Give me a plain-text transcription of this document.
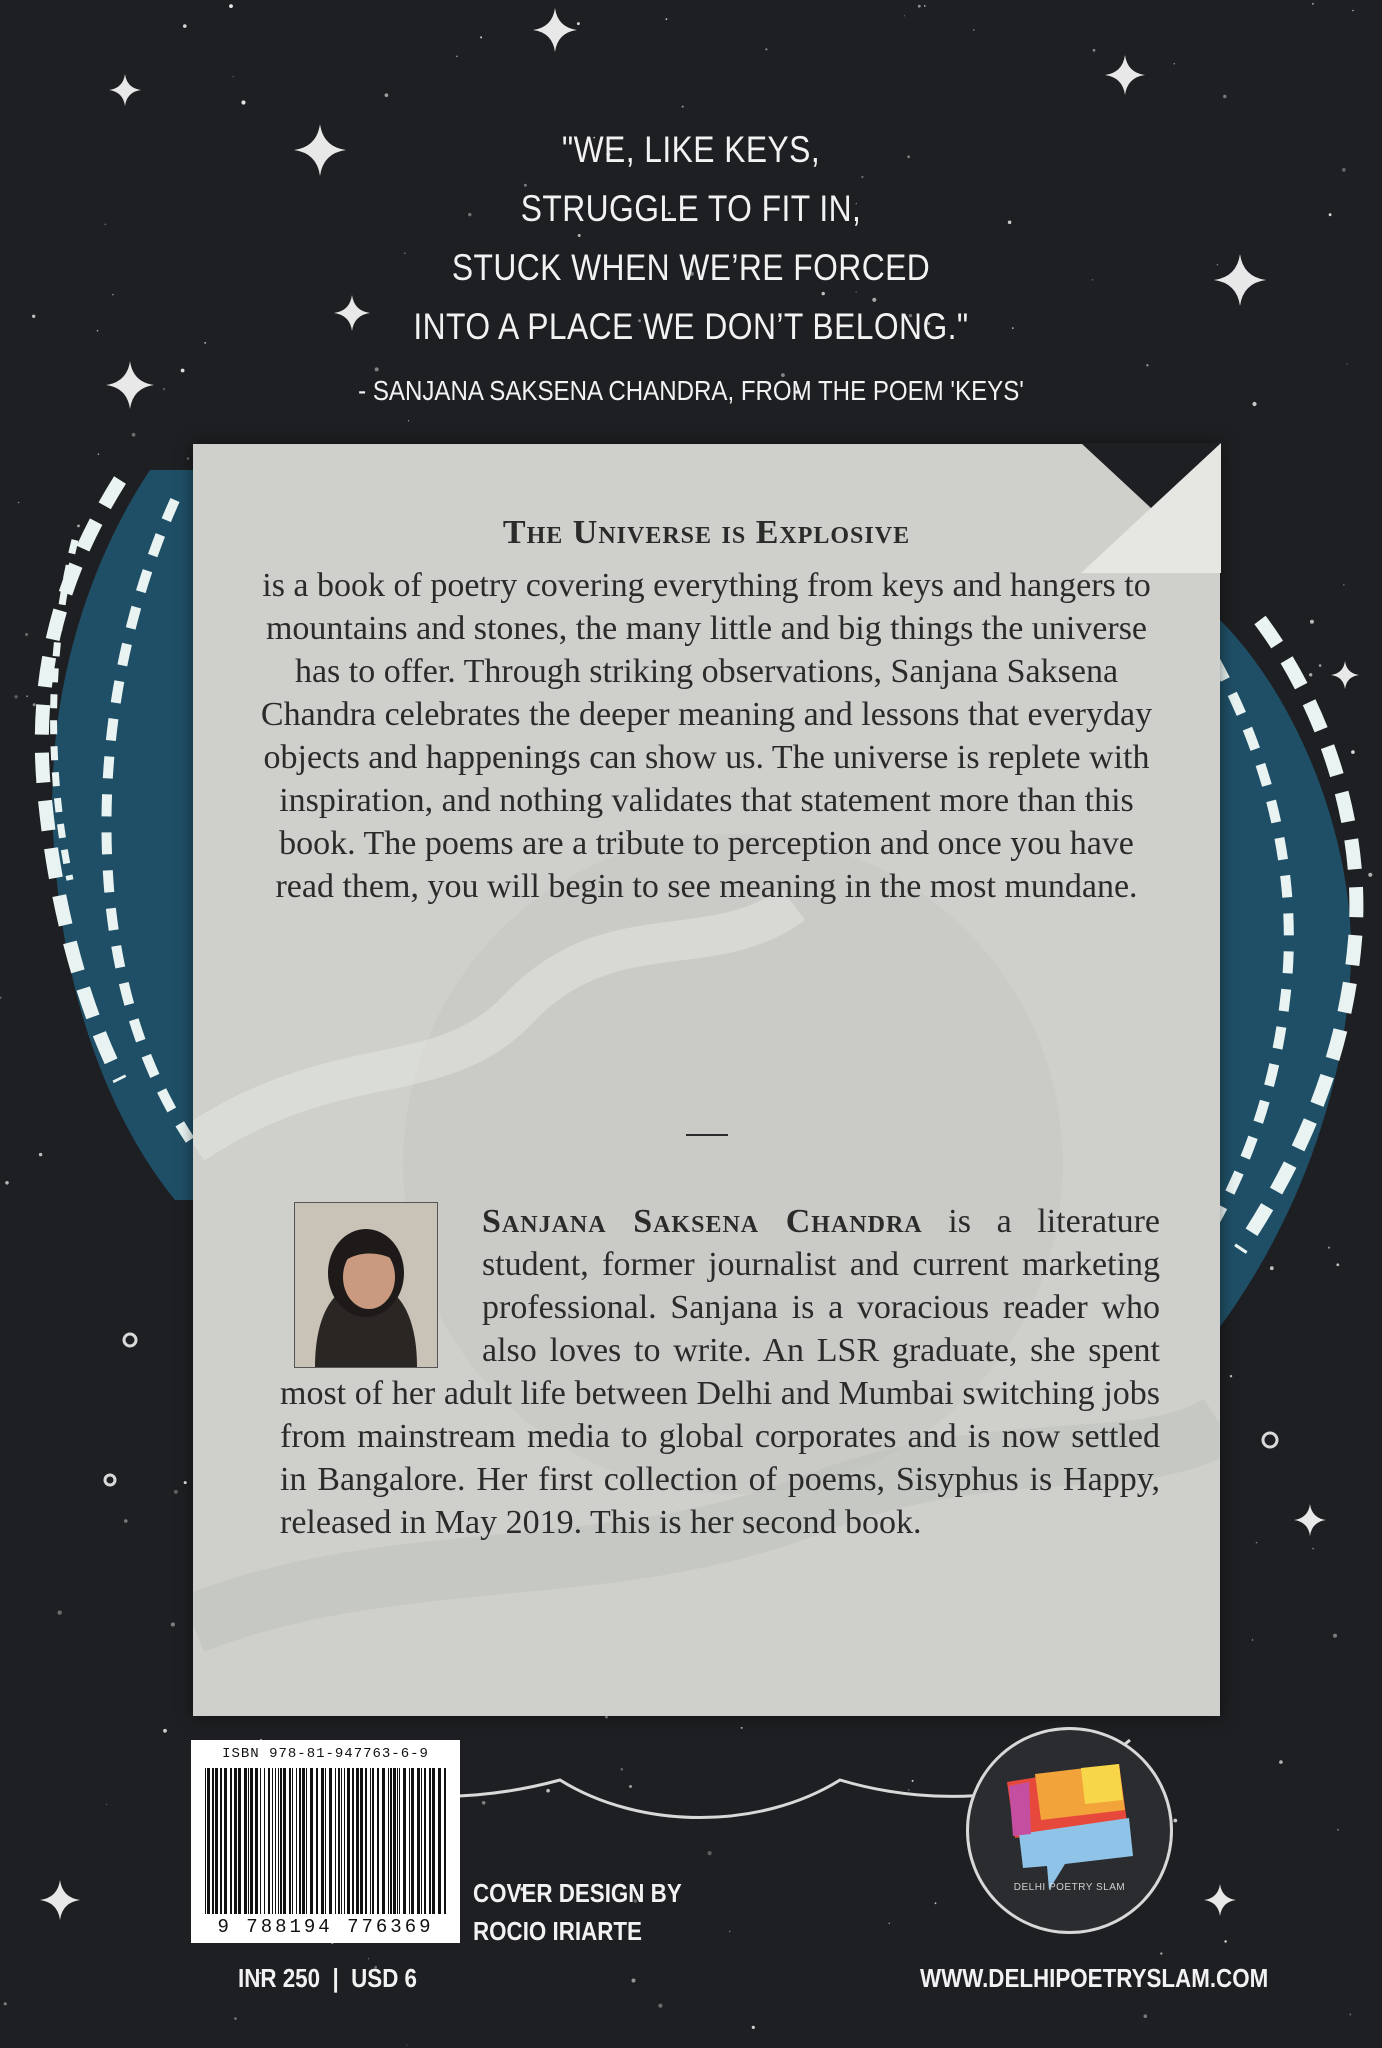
"WE, LIKE KEYS,
STRUGGLE TO FIT IN,
STUCK WHEN WE’RE FORCED
INTO A PLACE WE DON’T BELONG."
- SANJANA SAKSENA CHANDRA, FROM THE POEM 'KEYS'
The Universe is Explosive
is a book of poetry covering everything from keys and hangers to mountains and stones, the many little and big things the universe has to offer. Through striking observations, Sanjana Saksena Chandra celebrates the deeper meaning and lessons that everyday objects and happenings can show us. The universe is replete with inspiration, and nothing validates that statement more than this book. The poems are a tribute to perception and once you have read them, you will begin to see meaning in the most mundane.
Sanjana Saksena Chandra is a literature student, former journalist and current marketing professional. Sanjana is a voracious reader who also loves to write. An LSR graduate, she spent most of her adult life between Delhi and Mumbai switching jobs from mainstream media to global corporates and is now settled in Bangalore. Her first collection of poems, Sisyphus is Happy, released in May 2019. This is her second book.
ISBN 978-81-947763-6-9
9 788194 776369
COVER DESIGN BY
ROCIO IRIARTE
INR 250  |  USD 6	WWW.DELHIPOETRYSLAM.COM
DELHI POETRY SLAM
